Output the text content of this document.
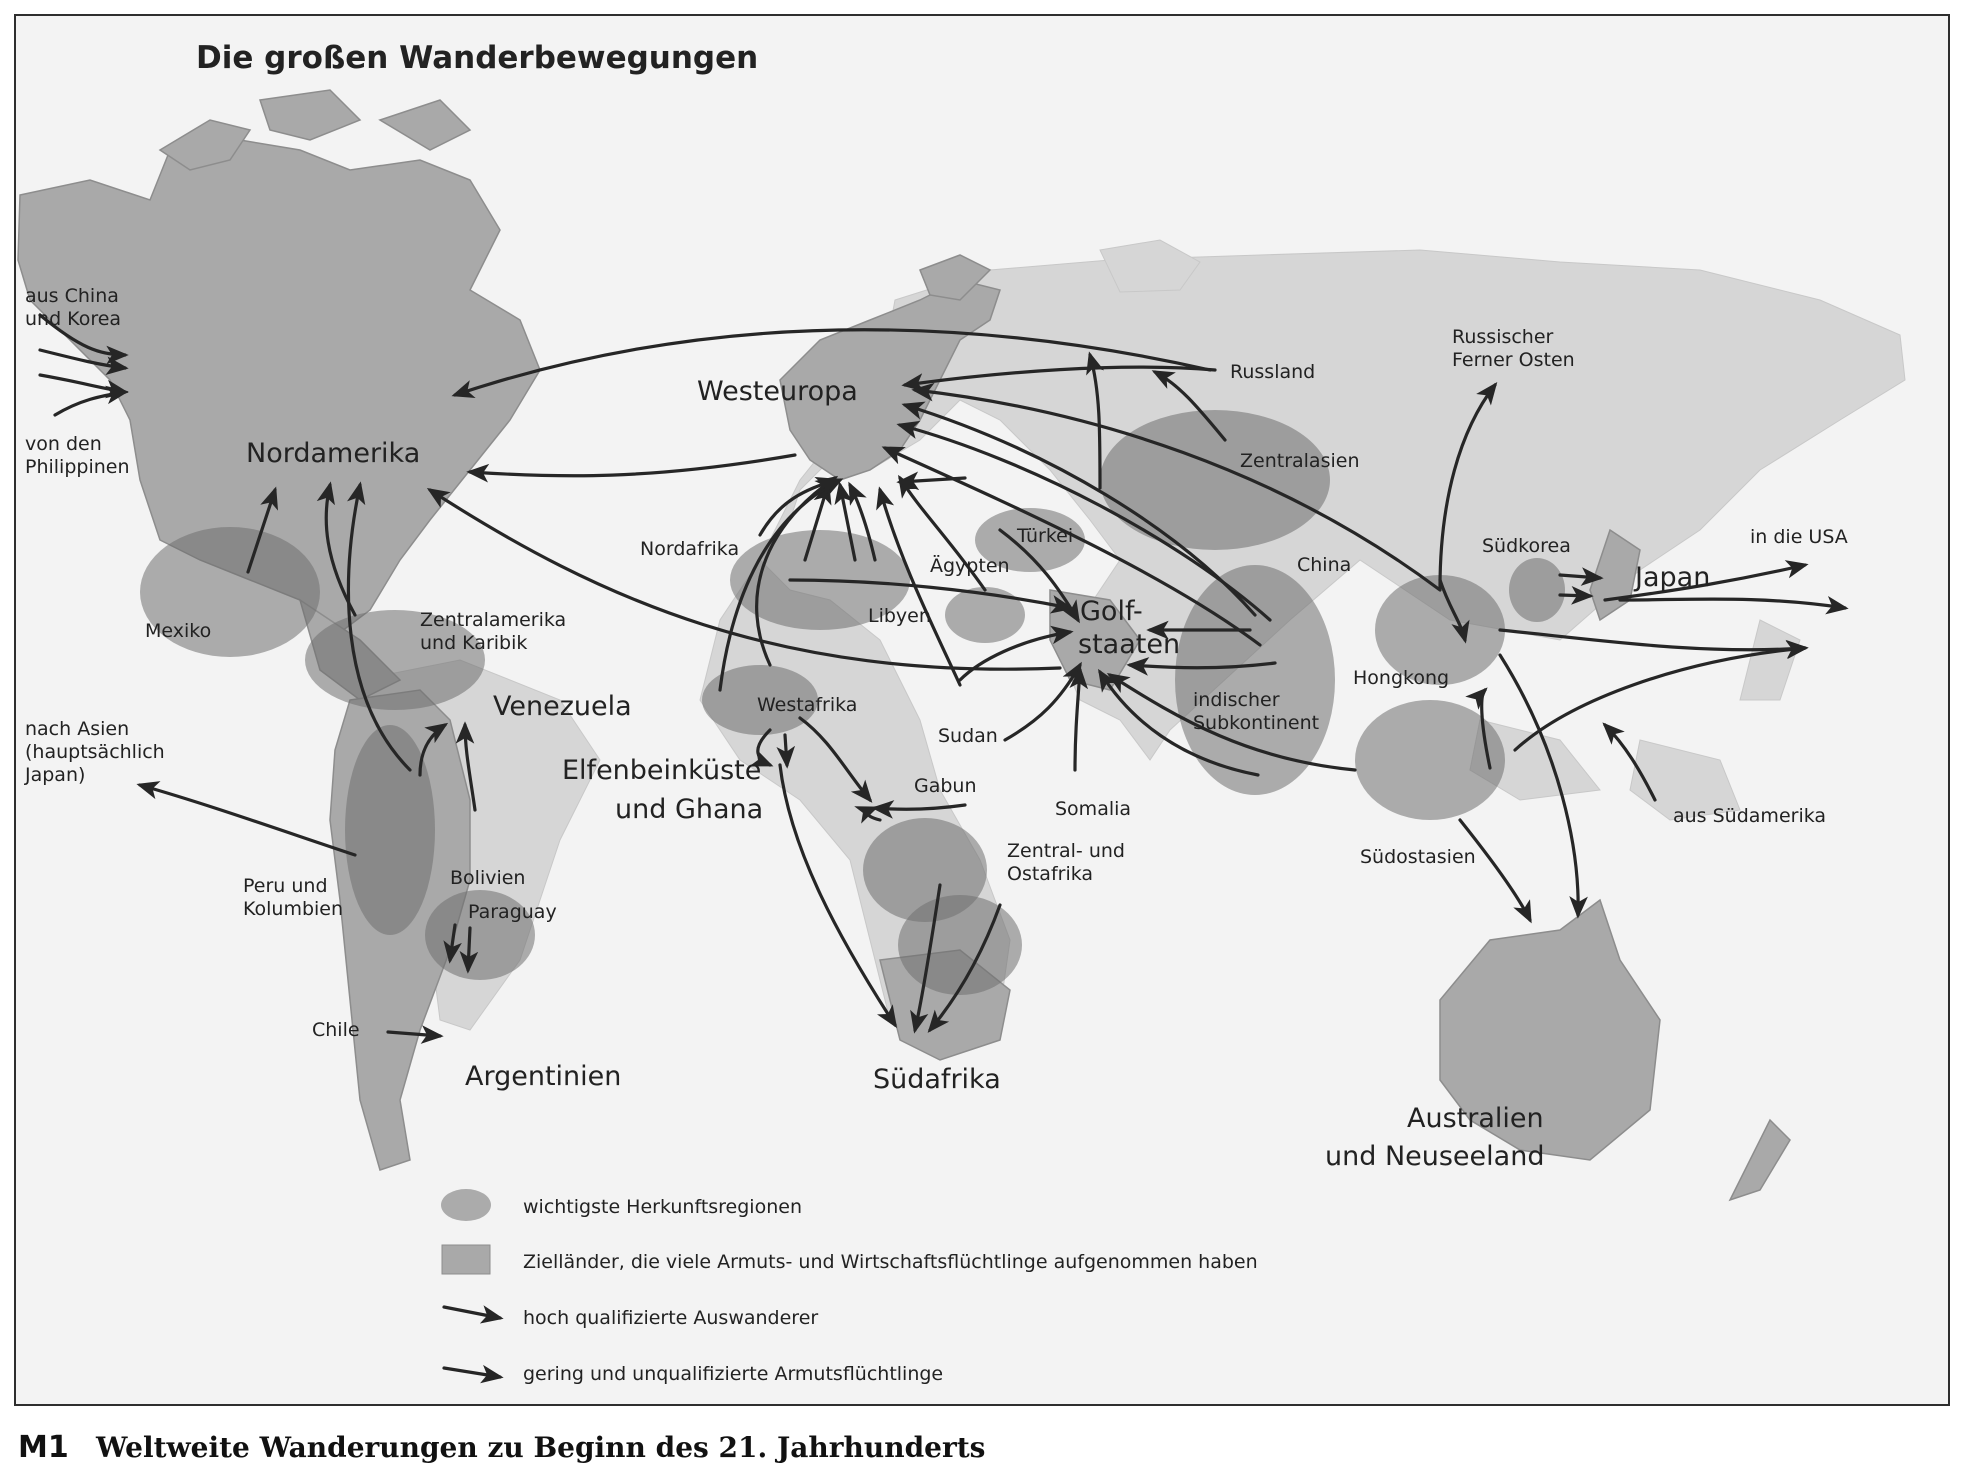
Die großen Wanderbewegungen
aus China und Korea
von den Philippinen	Nordamerika
Mexiko	Zentralamerika und Karibik
Venezuela
nach Asien (hauptsächlich Japan)
Peru und Kolumbien
Bolivien
Paraguay
Chile
Argentinien
Westeuropa
Nordafrika
Ägypten
Türkei
Libyen
Westafrika
Elfenbeinküste und Ghana
Sudan
Gabun
Somalia
Zentral- und Ostafrika
Südafrika
Golf-staaten
Russland
Zentralasien
China
indischer Subkontinent
Russischer Ferner Osten
Südkorea
Japan
in die USA
Hongkong
Südostasien
aus Südamerika
Australien und Neuseeland
wichtigste Herkunftsregionen
Zielländer, die viele Armuts- und Wirtschaftsflüchtlinge aufgenommen haben
hoch qualifizierte Auswanderer
gering und unqualifizierte Armutsflüchtlinge
M1 Weltweite Wanderungen zu Beginn des 21. Jahrhunderts
